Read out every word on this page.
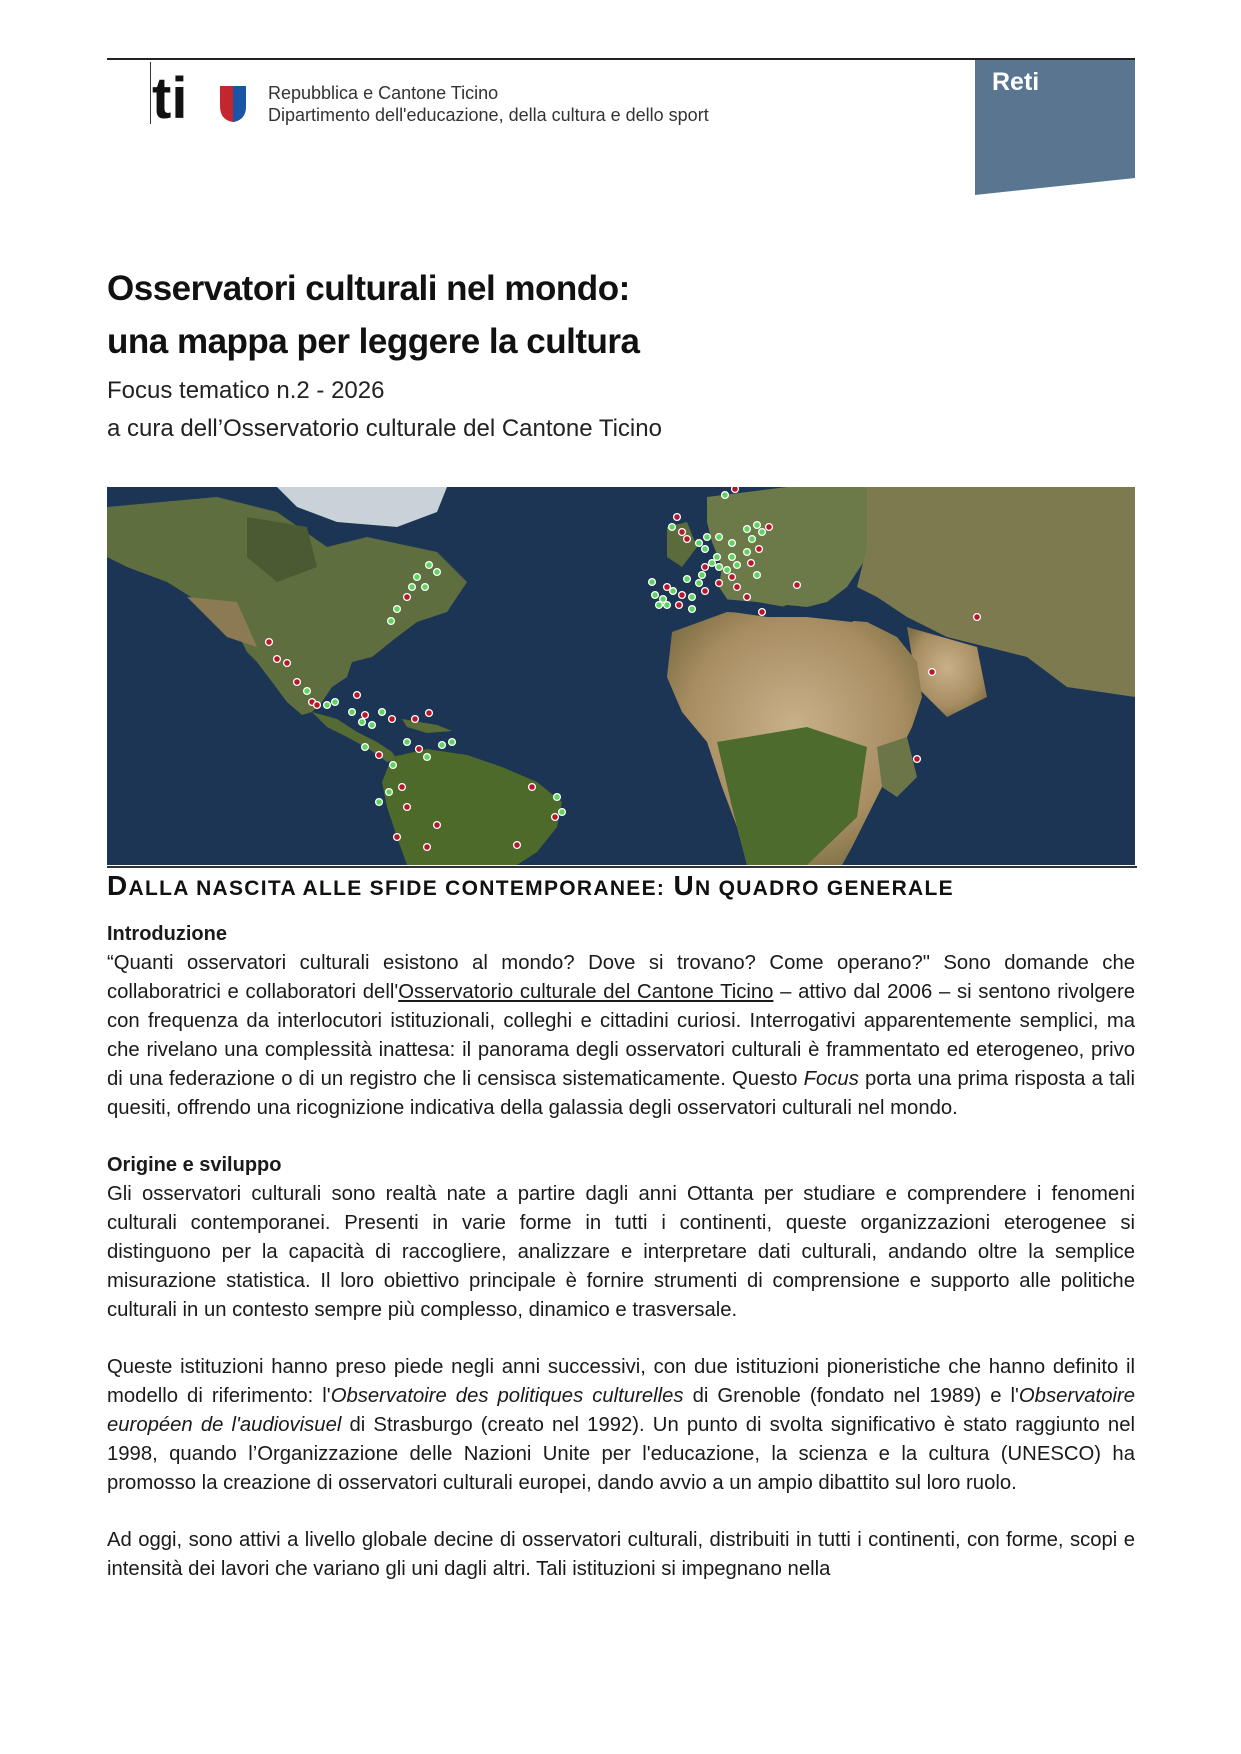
ti	Repubblica e Cantone Ticino
Dipartimento dell'educazione, della cultura e dello sport
Reti
Osservatori culturali nel mondo:
una mappa per leggere la cultura
Focus tematico n.2 - 2026
a cura dell’Osservatorio culturale del Cantone Ticino
DALLA NASCITA ALLE SFIDE CONTEMPORANEE: UN QUADRO GENERALE
Introduzione

“Quanti osservatori culturali esistono al mondo? Dove si trovano? Come operano?" Sono domande che collaboratrici e collaboratori dell'Osservatorio culturale del Cantone Ticino – attivo dal 2006 – si sentono rivolgere con frequenza da interlocutori istituzionali, colleghi e cittadini curiosi. Interrogativi apparentemente semplici, ma che rivelano una complessità inattesa: il panorama degli osservatori culturali è frammentato ed eterogeneo, privo di una federazione o di un registro che li censisca sistematicamente. Questo Focus porta una prima risposta a tali quesiti, offrendo una ricognizione indicativa della galassia degli osservatori culturali nel mondo.

Origine e sviluppo

Gli osservatori culturali sono realtà nate a partire dagli anni Ottanta per studiare e comprendere i fenomeni culturali contemporanei. Presenti in varie forme in tutti i continenti, queste organizzazioni eterogenee si distinguono per la capacità di raccogliere, analizzare e interpretare dati culturali, andando oltre la semplice misurazione statistica. Il loro obiettivo principale è fornire strumenti di comprensione e supporto alle politiche culturali in un contesto sempre più complesso, dinamico e trasversale.

Queste istituzioni hanno preso piede negli anni successivi, con due istituzioni pioneristiche che hanno definito il modello di riferimento: l'Observatoire des politiques culturelles di Grenoble (fondato nel 1989) e l'Observatoire européen de l'audiovisuel di Strasburgo (creato nel 1992). Un punto di svolta significativo è stato raggiunto nel 1998, quando l’Organizzazione delle Nazioni Unite per l'educazione, la scienza e la cultura (UNESCO) ha promosso la creazione di osservatori culturali europei, dando avvio a un ampio dibattito sul loro ruolo.

Ad oggi, sono attivi a livello globale decine di osservatori culturali, distribuiti in tutti i continenti, con forme, scopi e intensità dei lavori che variano gli uni dagli altri. Tali istituzioni si impegnano nella
